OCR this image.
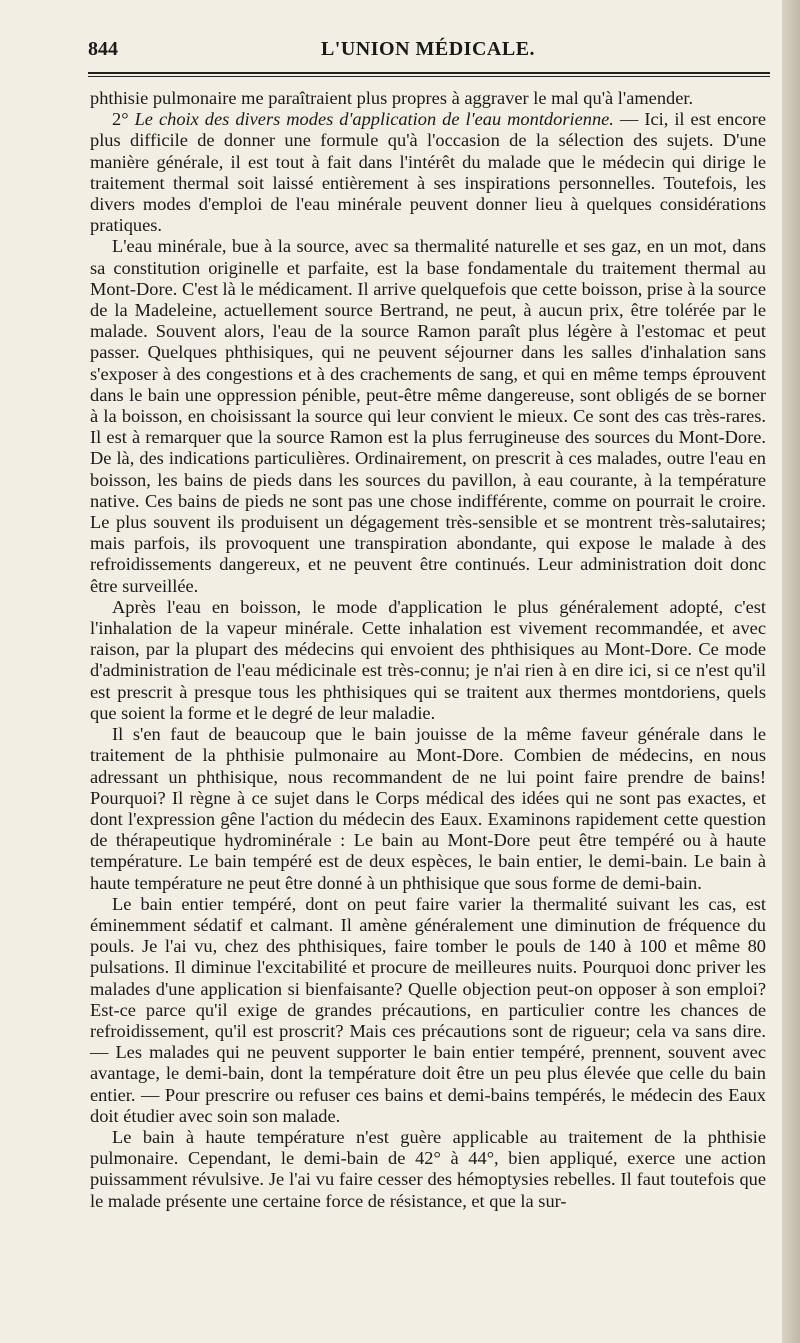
844	L'UNION MÉDICALE.

phthisie pulmonaire me paraîtraient plus propres à aggraver le mal qu'à l'amender.

2° Le choix des divers modes d'application de l'eau montdorienne. — Ici, il est encore plus difficile de donner une formule qu'à l'occasion de la sélection des sujets. D'une manière générale, il est tout à fait dans l'intérêt du malade que le médecin qui dirige le traitement thermal soit laissé entièrement à ses inspirations personnelles. Toutefois, les divers modes d'emploi de l'eau minérale peuvent donner lieu à quelques considérations pratiques.

L'eau minérale, bue à la source, avec sa thermalité naturelle et ses gaz, en un mot, dans sa constitution originelle et parfaite, est la base fondamentale du traitement thermal au Mont-Dore. C'est là le médicament. Il arrive quelquefois que cette boisson, prise à la source de la Madeleine, actuellement source Bertrand, ne peut, à aucun prix, être tolérée par le malade. Souvent alors, l'eau de la source Ramon paraît plus légère à l'estomac et peut passer. Quelques phthisiques, qui ne peuvent séjourner dans les salles d'inhalation sans s'exposer à des congestions et à des crachements de sang, et qui en même temps éprouvent dans le bain une oppression pénible, peut-être même dangereuse, sont obligés de se borner à la boisson, en choisissant la source qui leur convient le mieux. Ce sont des cas très-rares. Il est à remarquer que la source Ramon est la plus ferrugineuse des sources du Mont-Dore. De là, des indications particulières. Ordinairement, on prescrit à ces malades, outre l'eau en boisson, les bains de pieds dans les sources du pavillon, à eau courante, à la température native. Ces bains de pieds ne sont pas une chose indifférente, comme on pourrait le croire. Le plus souvent ils produisent un dégagement très-sensible et se montrent très-salutaires; mais parfois, ils provoquent une transpiration abondante, qui expose le malade à des refroidissements dangereux, et ne peuvent être continués. Leur administration doit donc être surveillée.

Après l'eau en boisson, le mode d'application le plus généralement adopté, c'est l'inhalation de la vapeur minérale. Cette inhalation est vivement recommandée, et avec raison, par la plupart des médecins qui envoient des phthisiques au Mont-Dore. Ce mode d'administration de l'eau médicinale est très-connu; je n'ai rien à en dire ici, si ce n'est qu'il est prescrit à presque tous les phthisiques qui se traitent aux thermes montdoriens, quels que soient la forme et le degré de leur maladie.

Il s'en faut de beaucoup que le bain jouisse de la même faveur générale dans le traitement de la phthisie pulmonaire au Mont-Dore. Combien de médecins, en nous adressant un phthisique, nous recommandent de ne lui point faire prendre de bains! Pourquoi? Il règne à ce sujet dans le Corps médical des idées qui ne sont pas exactes, et dont l'expression gêne l'action du médecin des Eaux. Examinons rapidement cette question de thérapeutique hydrominérale : Le bain au Mont-Dore peut être tempéré ou à haute température. Le bain tempéré est de deux espèces, le bain entier, le demi-bain. Le bain à haute température ne peut être donné à un phthisique que sous forme de demi-bain.

Le bain entier tempéré, dont on peut faire varier la thermalité suivant les cas, est éminemment sédatif et calmant. Il amène généralement une diminution de fréquence du pouls. Je l'ai vu, chez des phthisiques, faire tomber le pouls de 140 à 100 et même 80 pulsations. Il diminue l'excitabilité et procure de meilleures nuits. Pourquoi donc priver les malades d'une application si bienfaisante? Quelle objection peut-on opposer à son emploi? Est-ce parce qu'il exige de grandes précautions, en particulier contre les chances de refroidissement, qu'il est proscrit? Mais ces précautions sont de rigueur; cela va sans dire. — Les malades qui ne peuvent supporter le bain entier tempéré, prennent, souvent avec avantage, le demi-bain, dont la température doit être un peu plus élevée que celle du bain entier. — Pour prescrire ou refuser ces bains et demi-bains tempérés, le médecin des Eaux doit étudier avec soin son malade.

Le bain à haute température n'est guère applicable au traitement de la phthisie pulmonaire. Cependant, le demi-bain de 42° à 44°, bien appliqué, exerce une action puissamment révulsive. Je l'ai vu faire cesser des hémoptysies rebelles. Il faut toutefois que le malade présente une certaine force de résistance, et que la sur-
